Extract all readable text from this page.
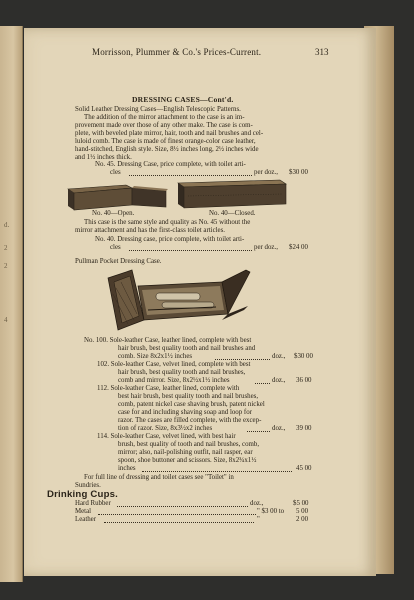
d.
2
2
4
Morrisson, Plummer & Co.'s Prices-Current.	313
DRESSING CASES—Cont'd.
Solid Leather Dressing Cases—English Telescopic Patterns.
The addition of the mirror attachment to the case is an im-
provement made over those of any other make. The case is com-
plete, with beveled plate mirror, hair, tooth and nail brushes and cel-
luloid comb. The case is made of finest orange-color case leather,
hand-stitched, English style. Size, 8½ inches long, 2½ inches wide
and 1½ inches thick.
No. 45. Dressing Case, price complete, with toilet arti-
cles	per doz., $30 00
No. 40—Open.	No. 40—Closed.
This case is the same style and quality as No. 45 without the
mirror attachment and has the first-class toilet articles.
No. 40. Dressing case, price complete, with toilet arti-
cles	per doz., $24 00
Pullman Pocket Dressing Case.
No. 100. Sole-leather Case, leather lined, complete with best
hair brush, best quality tooth and nail brushes and
comb. Size 8x2x1½ inches	doz., $30 00
102. Sole-leather Case, velvet lined, complete with best
hair brush, best quality tooth and nail brushes,
comb and mirror. Size, 8x2½x1½ inches	doz., 36 00
112. Sole-leather Case, leather lined, complete with
best hair brush, best quality tooth and nail brushes,
comb, patent nickel case shaving brush, patent nickel
case for and including shaving soap and loop for
razor. The cases are filled complete, with the excep-
tion of razor. Size, 8x3½x2 inches	doz., 39 00
114. Sole-leather Case, velvet lined, with best hair
brush, best quality of tooth and nail brushes, comb,
mirror; also, nail-polishing outfit, nail rasper, ear
spoon, shoe buttoner and scissors. Size, 8x2¾x1½
inches	45 00
For full line of dressing and toilet cases see "Toilet" in
Sundries.
Drinking Cups.
Hard Rubber	doz.,	$5 00
Metal	" $3 00 to 5 00
Leather	"	2 00
